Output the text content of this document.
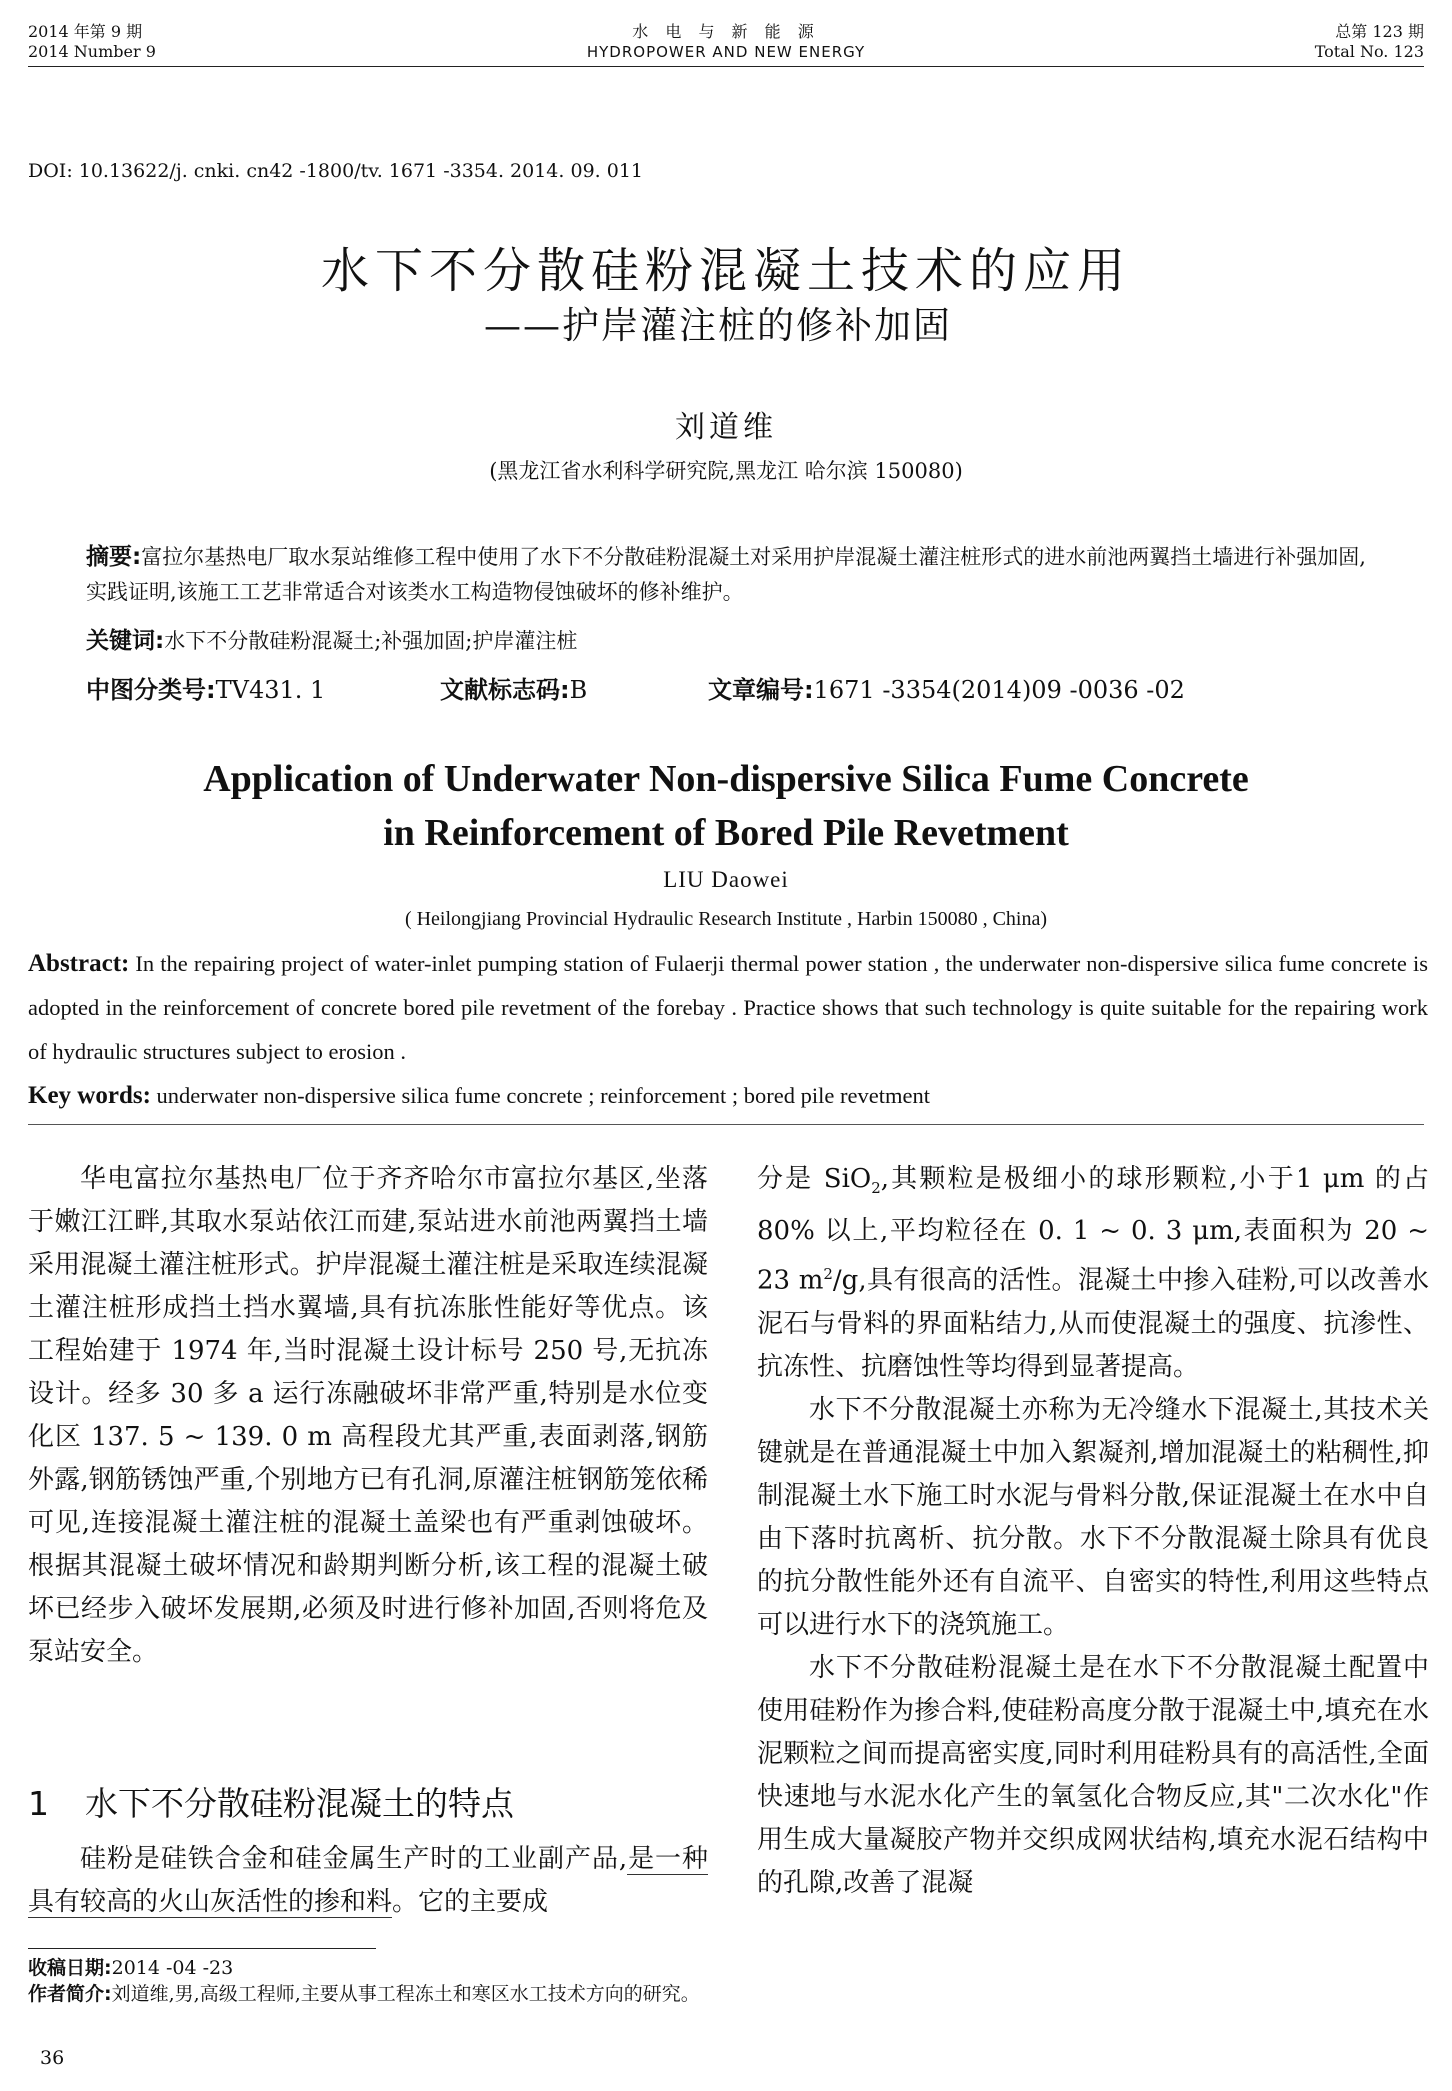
2014 年第 9 期
2014 Number 9
水 电 与 新 能 源
HYDROPOWER AND NEW ENERGY
总第 123 期
Total No. 123
DOI: 10.13622/j. cnki. cn42 -1800/tv. 1671 -3354. 2014. 09. 011
水下不分散硅粉混凝土技术的应用
——护岸灌注桩的修补加固
刘道维
(黑龙江省水利科学研究院,黑龙江 哈尔滨 150080)
摘要:富拉尔基热电厂取水泵站维修工程中使用了水下不分散硅粉混凝土对采用护岸混凝土灌注桩形式的进水前池两翼挡土墙进行补强加固,实践证明,该施工工艺非常适合对该类水工构造物侵蚀破坏的修补维护。
关键词:水下不分散硅粉混凝土;补强加固;护岸灌注桩
中图分类号:TV431. 1	文献标志码:B	文章编号:1671 -3354(2014)09 -0036 -02
Application of Underwater Non-dispersive Silica Fume Concrete
in Reinforcement of Bored Pile Revetment
LIU Daowei
( Heilongjiang Provincial Hydraulic Research Institute , Harbin 150080 , China)
Abstract: In the repairing project of water-inlet pumping station of Fulaerji thermal power station , the underwater non-dispersive silica fume concrete is adopted in the reinforcement of concrete bored pile revetment of the forebay . Practice shows that such technology is quite suitable for the repairing work of hydraulic structures subject to erosion .
Key words: underwater non-dispersive silica fume concrete ; reinforcement ; bored pile revetment

华电富拉尔基热电厂位于齐齐哈尔市富拉尔基区,坐落于嫩江江畔,其取水泵站依江而建,泵站进水前池两翼挡土墙采用混凝土灌注桩形式。护岸混凝土灌注桩是采取连续混凝土灌注桩形成挡土挡水翼墙,具有抗冻胀性能好等优点。该工程始建于 1974 年,当时混凝土设计标号 250 号,无抗冻设计。经多 30 多 a 运行冻融破坏非常严重,特别是水位变化区 137. 5 ~ 139. 0 m 高程段尤其严重,表面剥落,钢筋外露,钢筋锈蚀严重,个别地方已有孔洞,原灌注桩钢筋笼依稀可见,连接混凝土灌注桩的混凝土盖梁也有严重剥蚀破坏。根据其混凝土破坏情况和龄期判断分析,该工程的混凝土破坏已经步入破坏发展期,必须及时进行修补加固,否则将危及泵站安全。

1 水下不分散硅粉混凝土的特点

硅粉是硅铁合金和硅金属生产时的工业副产品,是一种具有较高的火山灰活性的掺和料。它的主要成

分是 SiO$_2$,其颗粒是极细小的球形颗粒,小于1 μm 的占 80% 以上,平均粒径在 0. 1 ~ 0. 3 μm,表面积为 20 ~ 23 $m^2/g$,具有很高的活性。混凝土中掺入硅粉,可以改善水泥石与骨料的界面粘结力,从而使混凝土的强度、抗渗性、抗冻性、抗磨蚀性等均得到显著提高。

水下不分散混凝土亦称为无冷缝水下混凝土,其技术关键就是在普通混凝土中加入絮凝剂,增加混凝土的粘稠性,抑制混凝土水下施工时水泥与骨料分散,保证混凝土在水中自由下落时抗离析、抗分散。水下不分散混凝土除具有优良的抗分散性能外还有自流平、自密实的特性,利用这些特点可以进行水下的浇筑施工。

水下不分散硅粉混凝土是在水下不分散混凝土配置中使用硅粉作为掺合料,使硅粉高度分散于混凝土中,填充在水泥颗粒之间而提高密实度,同时利用硅粉具有的高活性,全面快速地与水泥水化产生的氧氢化合物反应,其"二次水化"作用生成大量凝胶产物并交织成网状结构,填充水泥石结构中的孔隙,改善了混凝

收稿日期:2014 -04 -23
作者简介:刘道维,男,高级工程师,主要从事工程冻土和寒区水工技术方向的研究。
36
